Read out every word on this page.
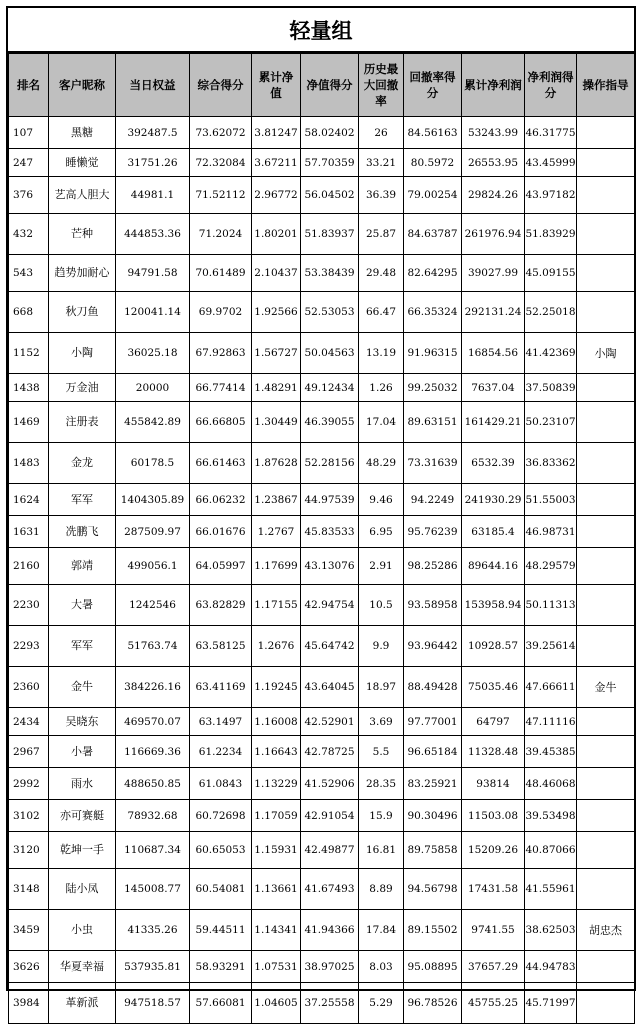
轻量组
排名	客户昵称	当日权益	综合得分	累计净值	净值得分	历史最大回撤率	回撤率得分	累计净利润	净利润得分	操作指导
107	黑糖	392487.5	73.62072	3.81247	58.02402	26	84.56163	53243.99	46.31775	
247	睡懒觉	31751.26	72.32084	3.67211	57.70359	33.21	80.5972	26553.95	43.45999	
376	艺高人胆大	44981.1	71.52112	2.96772	56.04502	36.39	79.00254	29824.26	43.97182	
432	芒种	444853.36	71.2024	1.80201	51.83937	25.87	84.63787	261976.94	51.83929	
543	趋势加耐心	94791.58	70.61489	2.10437	53.38439	29.48	82.64295	39027.99	45.09155	
668	秋刀鱼	120041.14	69.9702	1.92566	52.53053	66.47	66.35324	292131.24	52.25018	
1152	小陶	36025.18	67.92863	1.56727	50.04563	13.19	91.96315	16854.56	41.42369	小陶
1438	万金油	20000	66.77414	1.48291	49.12434	1.26	99.25032	7637.04	37.50839	
1469	注册表	455842.89	66.66805	1.30449	46.39055	17.04	89.63151	161429.21	50.23107	
1483	金龙	60178.5	66.61463	1.87628	52.28156	48.29	73.31639	6532.39	36.83362	
1624	军军	1404305.89	66.06232	1.23867	44.97539	9.46	94.2249	241930.29	51.55003	
1631	冼鹏飞	287509.97	66.01676	1.2767	45.83533	6.95	95.76239	63185.4	46.98731	
2160	郭靖	499056.1	64.05997	1.17699	43.13076	2.91	98.25286	89644.16	48.29579	
2230	大暑	1242546	63.82829	1.17155	42.94754	10.5	93.58958	153958.94	50.11313	
2293	军军	51763.74	63.58125	1.2676	45.64742	9.9	93.96442	10928.57	39.25614	
2360	金牛	384226.16	63.41169	1.19245	43.64045	18.97	88.49428	75035.46	47.66611	金牛
2434	吴晓东	469570.07	63.1497	1.16008	42.52901	3.69	97.77001	64797	47.11116	
2967	小暑	116669.36	61.2234	1.16643	42.78725	5.5	96.65184	11328.48	39.45385	
2992	雨水	488650.85	61.0843	1.13229	41.52906	28.35	83.25921	93814	48.46068	
3102	亦可赛艇	78932.68	60.72698	1.17059	42.91054	15.9	90.30496	11503.08	39.53498	
3120	乾坤一手	110687.34	60.65053	1.15931	42.49877	16.81	89.75858	15209.26	40.87066	
3148	陆小凤	145008.77	60.54081	1.13661	41.67493	8.89	94.56798	17431.58	41.55961	
3459	小虫	41335.26	59.44511	1.14341	41.94366	17.84	89.15502	9741.55	38.62503	胡忠杰
3626	华夏幸福	537935.81	58.93291	1.07531	38.97025	8.03	95.08895	37657.29	44.94783	
3984	革新派	947518.57	57.66081	1.04605	37.25558	5.29	96.78526	45755.25	45.71997	
